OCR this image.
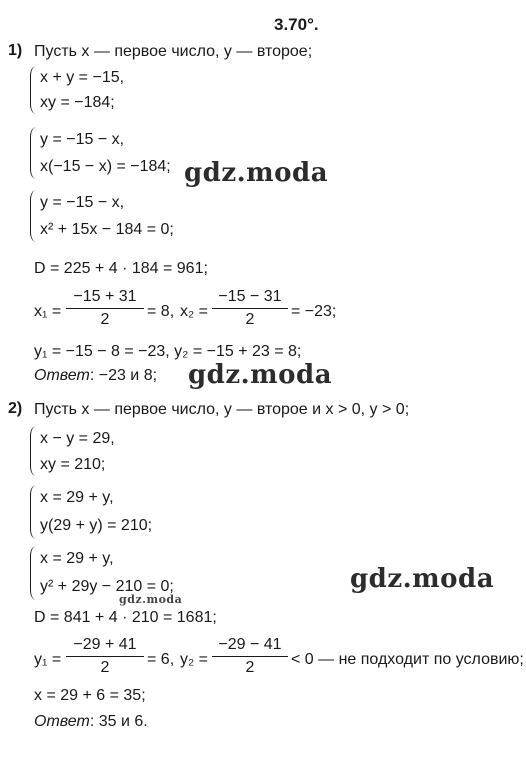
3.70°.
1) Пусть x — первое число, y — второе;
x + y = −15,
xy = −184;
y = −15 − x,
x(−15 − x) = −184;
y = −15 − x,
x² + 15x − 184 = 0;
D = 225 + 4 · 184 = 961;
$x_1 = \frac{-15 + 31}{2} = 8$, $x_2 = \frac{-15 - 31}{2} = -23$;
y₁ = −15 − 8 = −23, y₂ = −15 + 23 = 8;
Ответ: −23 и 8;
2) Пусть x — первое число, y — второе и x > 0, y > 0;
x − y = 29,
xy = 210;
x = 29 + y,
y(29 + y) = 210;
x = 29 + y,
y² + 29y − 210 = 0;
D = 841 + 4 · 210 = 1681;
$y_1 = \frac{-29 + 41}{2} = 6$, $y_2 = \frac{-29 - 41}{2} < 0$ — не подходит по условию;
x = 29 + 6 = 35;
Ответ: 35 и 6.
gdz.moda
gdz.moda
gdz.moda
gdz.moda
